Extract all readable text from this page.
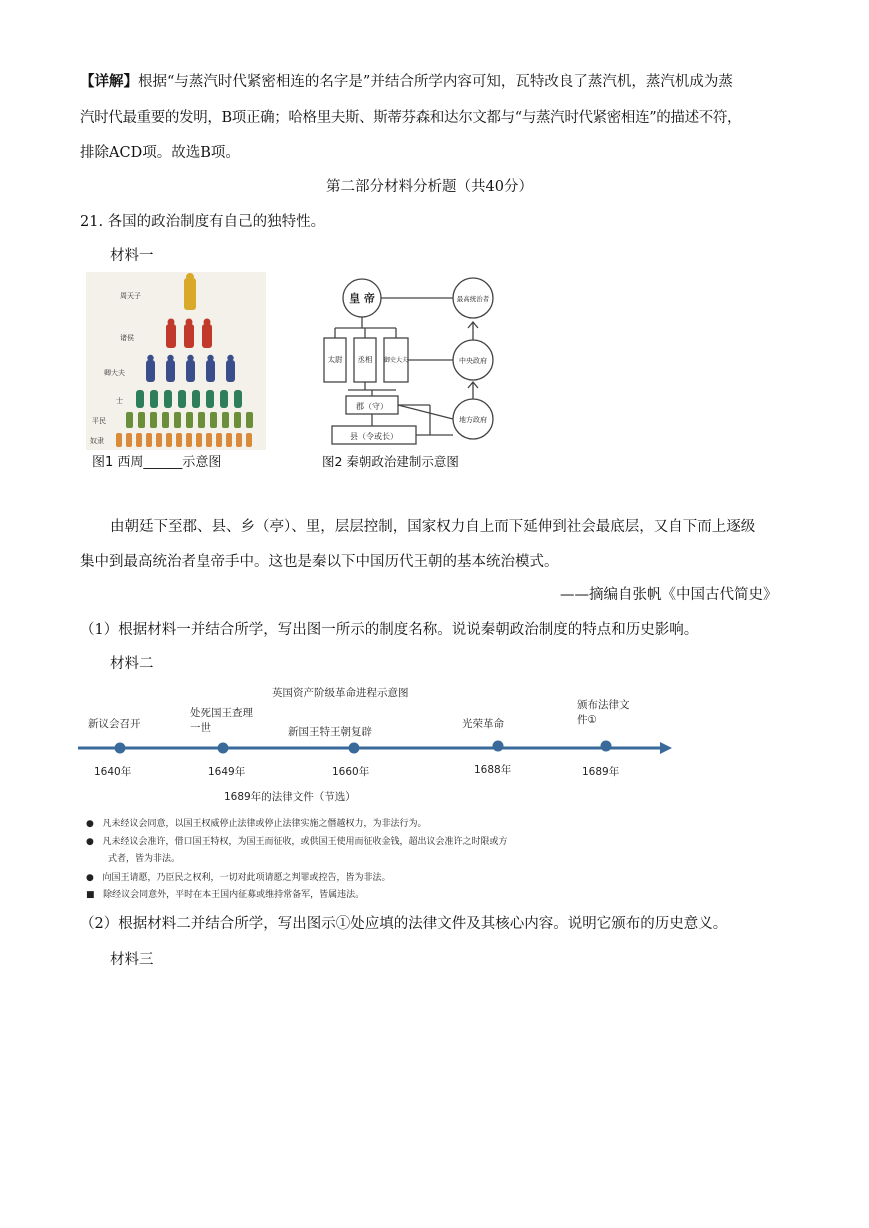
【详解】根据“与蒸汽时代紧密相连的名字是”并结合所学内容可知，瓦特改良了蒸汽机，蒸汽机成为蒸
汽时代最重要的发明，B项正确；哈格里夫斯、斯蒂芬森和达尔文都与“与蒸汽时代紧密相连”的描述不符，
排除ACD项。故选B项。
第二部分材料分析题（共40分）
21. 各国的政治制度有自己的独特性。
材料一
周天子
诸侯
卿大夫
士
平民
奴隶
图1 西周______示意图
皇 帝
太尉 丞相 御史大夫
郡（守）
县（令或长）
最高统治者
中央政府
地方政府
图2 秦朝政治建制示意图
由朝廷下至郡、县、乡（亭）、里，层层控制，国家权力自上而下延伸到社会最底层，又自下而上逐级
集中到最高统治者皇帝手中。这也是秦以下中国历代王朝的基本统治模式。
——摘编自张帆《中国古代简史》
（1）根据材料一并结合所学，写出图一所示的制度名称。说说秦朝政治制度的特点和历史影响。
材料二
英国资产阶级革命进程示意图
新议会召开
处死国王查理
一世	新国王特王朝复辟
光荣革命
颁布法律文
件①
1640年	1649年	1660年	1688年	1689年
1689年的法律文件（节选）
● 凡未经议会同意，以国王权威停止法律或停止法律实施之僭越权力，为非法行为。
● 凡未经议会准许，借口国王特权，为国王而征收，或供国王使用而征收金钱，超出议会准许之时限或方
式者，皆为非法。
● 向国王请愿，乃臣民之权利，一切对此项请愿之判罪或控告，皆为非法。
■ 除经议会同意外，平时在本王国内征募或维持常备军，皆属违法。
（2）根据材料二并结合所学，写出图示①处应填的法律文件及其核心内容。说明它颁布的历史意义。
材料三
